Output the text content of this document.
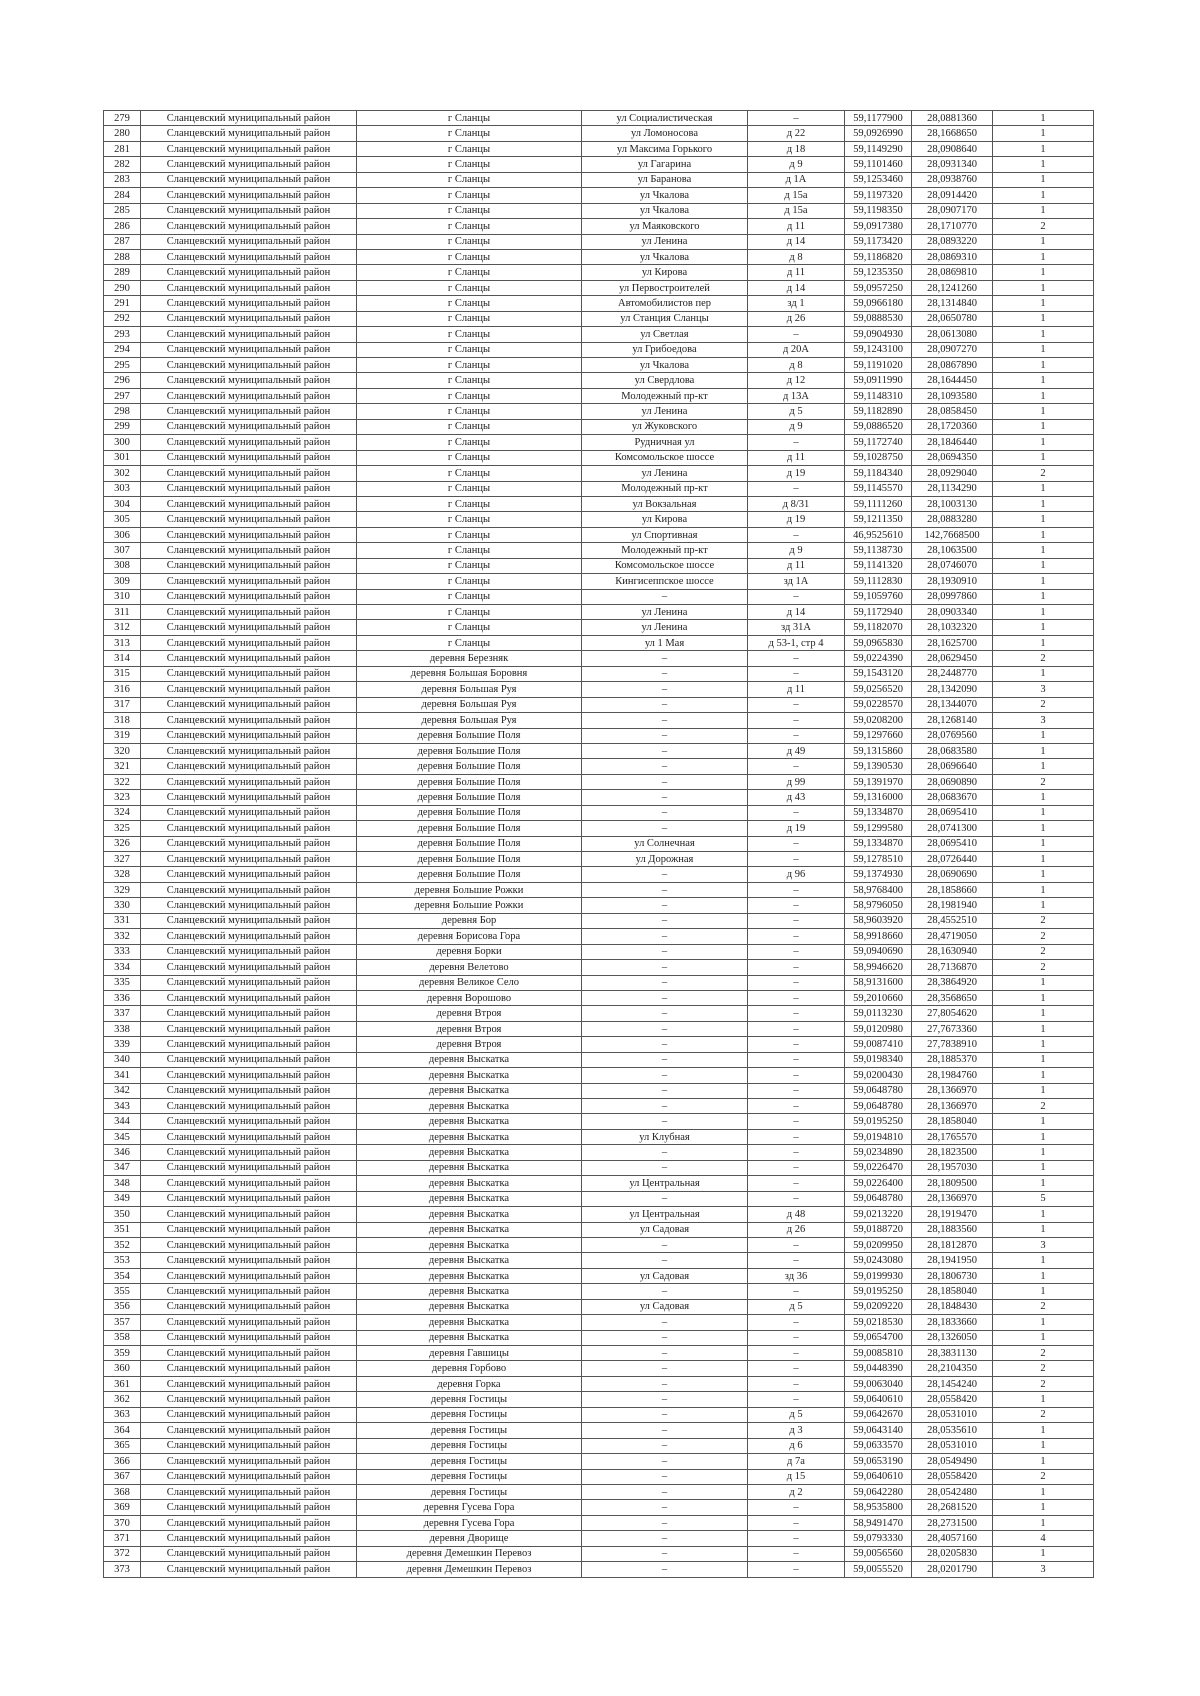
279	Сланцевский муниципальный район	г Сланцы	ул Социалистическая	–	59,1177900	28,0881360	1
280	Сланцевский муниципальный район	г Сланцы	ул Ломоносова	д 22	59,0926990	28,1668650	1
281	Сланцевский муниципальный район	г Сланцы	ул Максима Горького	д 18	59,1149290	28,0908640	1
282	Сланцевский муниципальный район	г Сланцы	ул Гагарина	д 9	59,1101460	28,0931340	1
283	Сланцевский муниципальный район	г Сланцы	ул Баранова	д 1А	59,1253460	28,0938760	1
284	Сланцевский муниципальный район	г Сланцы	ул Чкалова	д 15а	59,1197320	28,0914420	1
285	Сланцевский муниципальный район	г Сланцы	ул Чкалова	д 15а	59,1198350	28,0907170	1
286	Сланцевский муниципальный район	г Сланцы	ул Маяковского	д 11	59,0917380	28,1710770	2
287	Сланцевский муниципальный район	г Сланцы	ул Ленина	д 14	59,1173420	28,0893220	1
288	Сланцевский муниципальный район	г Сланцы	ул Чкалова	д 8	59,1186820	28,0869310	1
289	Сланцевский муниципальный район	г Сланцы	ул Кирова	д 11	59,1235350	28,0869810	1
290	Сланцевский муниципальный район	г Сланцы	ул Первостроителей	д 14	59,0957250	28,1241260	1
291	Сланцевский муниципальный район	г Сланцы	Автомобилистов пер	зд 1	59,0966180	28,1314840	1
292	Сланцевский муниципальный район	г Сланцы	ул Станция Сланцы	д 26	59,0888530	28,0650780	1
293	Сланцевский муниципальный район	г Сланцы	ул Светлая	–	59,0904930	28,0613080	1
294	Сланцевский муниципальный район	г Сланцы	ул Грибоедова	д 20А	59,1243100	28,0907270	1
295	Сланцевский муниципальный район	г Сланцы	ул Чкалова	д 8	59,1191020	28,0867890	1
296	Сланцевский муниципальный район	г Сланцы	ул Свердлова	д 12	59,0911990	28,1644450	1
297	Сланцевский муниципальный район	г Сланцы	Молодежный пр-кт	д 13А	59,1148310	28,1093580	1
298	Сланцевский муниципальный район	г Сланцы	ул Ленина	д 5	59,1182890	28,0858450	1
299	Сланцевский муниципальный район	г Сланцы	ул Жуковского	д 9	59,0886520	28,1720360	1
300	Сланцевский муниципальный район	г Сланцы	Рудничная ул	–	59,1172740	28,1846440	1
301	Сланцевский муниципальный район	г Сланцы	Комсомольское шоссе	д 11	59,1028750	28,0694350	1
302	Сланцевский муниципальный район	г Сланцы	ул Ленина	д 19	59,1184340	28,0929040	2
303	Сланцевский муниципальный район	г Сланцы	Молодежный пр-кт	–	59,1145570	28,1134290	1
304	Сланцевский муниципальный район	г Сланцы	ул Вокзальная	д 8/31	59,1111260	28,1003130	1
305	Сланцевский муниципальный район	г Сланцы	ул Кирова	д 19	59,1211350	28,0883280	1
306	Сланцевский муниципальный район	г Сланцы	ул Спортивная	–	46,9525610	142,7668500	1
307	Сланцевский муниципальный район	г Сланцы	Молодежный пр-кт	д 9	59,1138730	28,1063500	1
308	Сланцевский муниципальный район	г Сланцы	Комсомольское шоссе	д 11	59,1141320	28,0746070	1
309	Сланцевский муниципальный район	г Сланцы	Кингисеппское шоссе	зд 1А	59,1112830	28,1930910	1
310	Сланцевский муниципальный район	г Сланцы	–	–	59,1059760	28,0997860	1
311	Сланцевский муниципальный район	г Сланцы	ул Ленина	д 14	59,1172940	28,0903340	1
312	Сланцевский муниципальный район	г Сланцы	ул Ленина	зд 31А	59,1182070	28,1032320	1
313	Сланцевский муниципальный район	г Сланцы	ул 1 Мая	д 53-1, стр 4	59,0965830	28,1625700	1
314	Сланцевский муниципальный район	деревня Березняк	–	–	59,0224390	28,0629450	2
315	Сланцевский муниципальный район	деревня Большая Боровня	–	–	59,1543120	28,2448770	1
316	Сланцевский муниципальный район	деревня Большая Руя	–	д 11	59,0256520	28,1342090	3
317	Сланцевский муниципальный район	деревня Большая Руя	–	–	59,0228570	28,1344070	2
318	Сланцевский муниципальный район	деревня Большая Руя	–	–	59,0208200	28,1268140	3
319	Сланцевский муниципальный район	деревня Большие Поля	–	–	59,1297660	28,0769560	1
320	Сланцевский муниципальный район	деревня Большие Поля	–	д 49	59,1315860	28,0683580	1
321	Сланцевский муниципальный район	деревня Большие Поля	–	–	59,1390530	28,0696640	1
322	Сланцевский муниципальный район	деревня Большие Поля	–	д 99	59,1391970	28,0690890	2
323	Сланцевский муниципальный район	деревня Большие Поля	–	д 43	59,1316000	28,0683670	1
324	Сланцевский муниципальный район	деревня Большие Поля	–	–	59,1334870	28,0695410	1
325	Сланцевский муниципальный район	деревня Большие Поля	–	д 19	59,1299580	28,0741300	1
326	Сланцевский муниципальный район	деревня Большие Поля	ул Солнечная	–	59,1334870	28,0695410	1
327	Сланцевский муниципальный район	деревня Большие Поля	ул Дорожная	–	59,1278510	28,0726440	1
328	Сланцевский муниципальный район	деревня Большие Поля	–	д 96	59,1374930	28,0690690	1
329	Сланцевский муниципальный район	деревня Большие Рожки	–	–	58,9768400	28,1858660	1
330	Сланцевский муниципальный район	деревня Большие Рожки	–	–	58,9796050	28,1981940	1
331	Сланцевский муниципальный район	деревня Бор	–	–	58,9603920	28,4552510	2
332	Сланцевский муниципальный район	деревня Борисова Гора	–	–	58,9918660	28,4719050	2
333	Сланцевский муниципальный район	деревня Борки	–	–	59,0940690	28,1630940	2
334	Сланцевский муниципальный район	деревня Велетово	–	–	58,9946620	28,7136870	2
335	Сланцевский муниципальный район	деревня Великое Село	–	–	58,9131600	28,3864920	1
336	Сланцевский муниципальный район	деревня Ворошово	–	–	59,2010660	28,3568650	1
337	Сланцевский муниципальный район	деревня Втроя	–	–	59,0113230	27,8054620	1
338	Сланцевский муниципальный район	деревня Втроя	–	–	59,0120980	27,7673360	1
339	Сланцевский муниципальный район	деревня Втроя	–	–	59,0087410	27,7838910	1
340	Сланцевский муниципальный район	деревня Выскатка	–	–	59,0198340	28,1885370	1
341	Сланцевский муниципальный район	деревня Выскатка	–	–	59,0200430	28,1984760	1
342	Сланцевский муниципальный район	деревня Выскатка	–	–	59,0648780	28,1366970	1
343	Сланцевский муниципальный район	деревня Выскатка	–	–	59,0648780	28,1366970	2
344	Сланцевский муниципальный район	деревня Выскатка	–	–	59,0195250	28,1858040	1
345	Сланцевский муниципальный район	деревня Выскатка	ул Клубная	–	59,0194810	28,1765570	1
346	Сланцевский муниципальный район	деревня Выскатка	–	–	59,0234890	28,1823500	1
347	Сланцевский муниципальный район	деревня Выскатка	–	–	59,0226470	28,1957030	1
348	Сланцевский муниципальный район	деревня Выскатка	ул Центральная	–	59,0226400	28,1809500	1
349	Сланцевский муниципальный район	деревня Выскатка	–	–	59,0648780	28,1366970	5
350	Сланцевский муниципальный район	деревня Выскатка	ул Центральная	д 48	59,0213220	28,1919470	1
351	Сланцевский муниципальный район	деревня Выскатка	ул Садовая	д 26	59,0188720	28,1883560	1
352	Сланцевский муниципальный район	деревня Выскатка	–	–	59,0209950	28,1812870	3
353	Сланцевский муниципальный район	деревня Выскатка	–	–	59,0243080	28,1941950	1
354	Сланцевский муниципальный район	деревня Выскатка	ул Садовая	зд 36	59,0199930	28,1806730	1
355	Сланцевский муниципальный район	деревня Выскатка	–	–	59,0195250	28,1858040	1
356	Сланцевский муниципальный район	деревня Выскатка	ул Садовая	д 5	59,0209220	28,1848430	2
357	Сланцевский муниципальный район	деревня Выскатка	–	–	59,0218530	28,1833660	1
358	Сланцевский муниципальный район	деревня Выскатка	–	–	59,0654700	28,1326050	1
359	Сланцевский муниципальный район	деревня Гавшицы	–	–	59,0085810	28,3831130	2
360	Сланцевский муниципальный район	деревня Горбово	–	–	59,0448390	28,2104350	2
361	Сланцевский муниципальный район	деревня Горка	–	–	59,0063040	28,1454240	2
362	Сланцевский муниципальный район	деревня Гостицы	–	–	59,0640610	28,0558420	1
363	Сланцевский муниципальный район	деревня Гостицы	–	д 5	59,0642670	28,0531010	2
364	Сланцевский муниципальный район	деревня Гостицы	–	д 3	59,0643140	28,0535610	1
365	Сланцевский муниципальный район	деревня Гостицы	–	д 6	59,0633570	28,0531010	1
366	Сланцевский муниципальный район	деревня Гостицы	–	д 7а	59,0653190	28,0549490	1
367	Сланцевский муниципальный район	деревня Гостицы	–	д 15	59,0640610	28,0558420	2
368	Сланцевский муниципальный район	деревня Гостицы	–	д 2	59,0642280	28,0542480	1
369	Сланцевский муниципальный район	деревня Гусева Гора	–	–	58,9535800	28,2681520	1
370	Сланцевский муниципальный район	деревня Гусева Гора	–	–	58,9491470	28,2731500	1
371	Сланцевский муниципальный район	деревня Дворище	–	–	59,0793330	28,4057160	4
372	Сланцевский муниципальный район	деревня Демешкин Перевоз	–	–	59,0056560	28,0205830	1
373	Сланцевский муниципальный район	деревня Демешкин Перевоз	–	–	59,0055520	28,0201790	3
